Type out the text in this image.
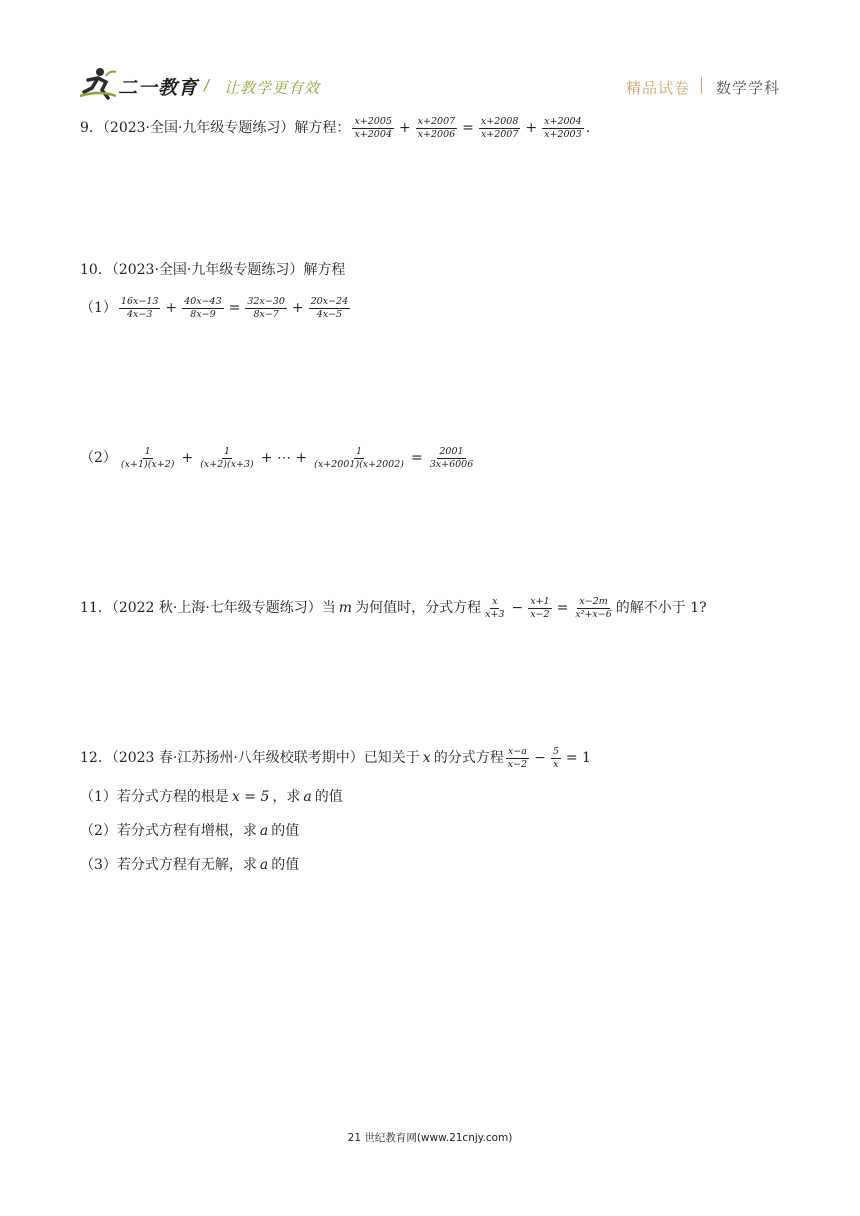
二一教育 / 让教学更有效	精品试卷 数学学科
9．（2023·全国·九年级专题练习）解方程： $\frac{x+2005}{x+2004} + \frac{x+2007}{x+2006} = \frac{x+2008}{x+2007} + \frac{x+2004}{x+2003}$ .
10．（2023·全国·九年级专题练习）解方程
$(1) \frac{16x-13}{4x-3} + \frac{40x-43}{8x-9} = \frac{32x-30}{8x-7} + \frac{20x-24}{4x-5}$
$(2) \frac{1}{(x+1)(x+2)} + \frac{1}{(x+2)(x+3)}$ + ⋯ + $\frac{1}{(x+2001)(x+2002)} = \frac{2001}{3x+6006}$
11．（2022 秋·上海·七年级专题练习）当 m 为何值时，分式方程 $\frac{x}{x+3} - \frac{x+1}{x-2} = \frac{x-2m}{\text{x²+x−6}}$ 的解不小于 1?
12．（2023 春·江苏扬州·八年级校联考期中）已知关于 x 的分式方程 $\frac{x-a}{x-2} - \frac{5}{x} = 1$
（1）若分式方程的根是 x = 5 ，求 a 的值
（2）若分式方程有增根，求 a 的值
（3）若分式方程有无解，求 a 的值
21 世纪教育网(www.21cnjy.com)
